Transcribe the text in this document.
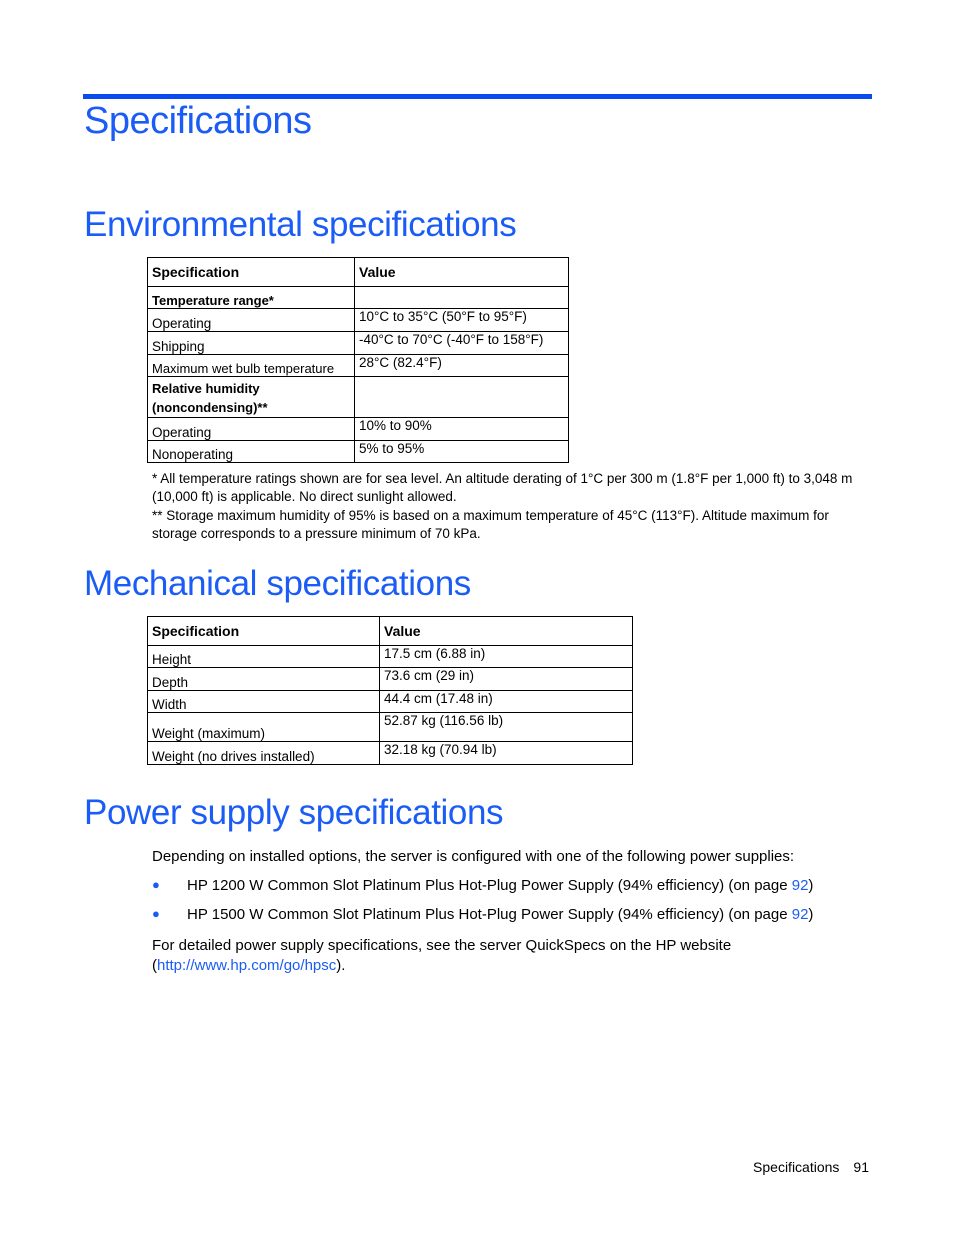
Specifications
Environmental specifications
Specification	Value
Temperature range*	
Operating	10°C to 35°C (50°F to 95°F)
Shipping	-40°C to 70°C (-40°F to 158°F)
Maximum wet bulb temperature	28°C (82.4°F)
Relative humidity
(noncondensing)**	
Operating	10% to 90%
Nonoperating	5% to 95%
* All temperature ratings shown are for sea level. An altitude derating of 1°C per 300 m (1.8°F per 1,000 ft) to 3,048 m (10,000 ft) is applicable. No direct sunlight allowed.
** Storage maximum humidity of 95% is based on a maximum temperature of 45°C (113°F). Altitude maximum for storage corresponds to a pressure minimum of 70 kPa.
Mechanical specifications
Specification	Value
Height	17.5 cm (6.88 in)
Depth	73.6 cm (29 in)
Width	44.4 cm (17.48 in)
Weight (maximum)	52.87 kg (116.56 lb)
Weight (no drives installed)	32.18 kg (70.94 lb)
Power supply specifications
Depending on installed options, the server is configured with one of the following power supplies:
● HP 1200 W Common Slot Platinum Plus Hot-Plug Power Supply (94% efficiency) (on page 92)
● HP 1500 W Common Slot Platinum Plus Hot-Plug Power Supply (94% efficiency) (on page 92)
For detailed power supply specifications, see the server QuickSpecs on the HP website
(http://www.hp.com/go/hpsc).
Specifications 91
